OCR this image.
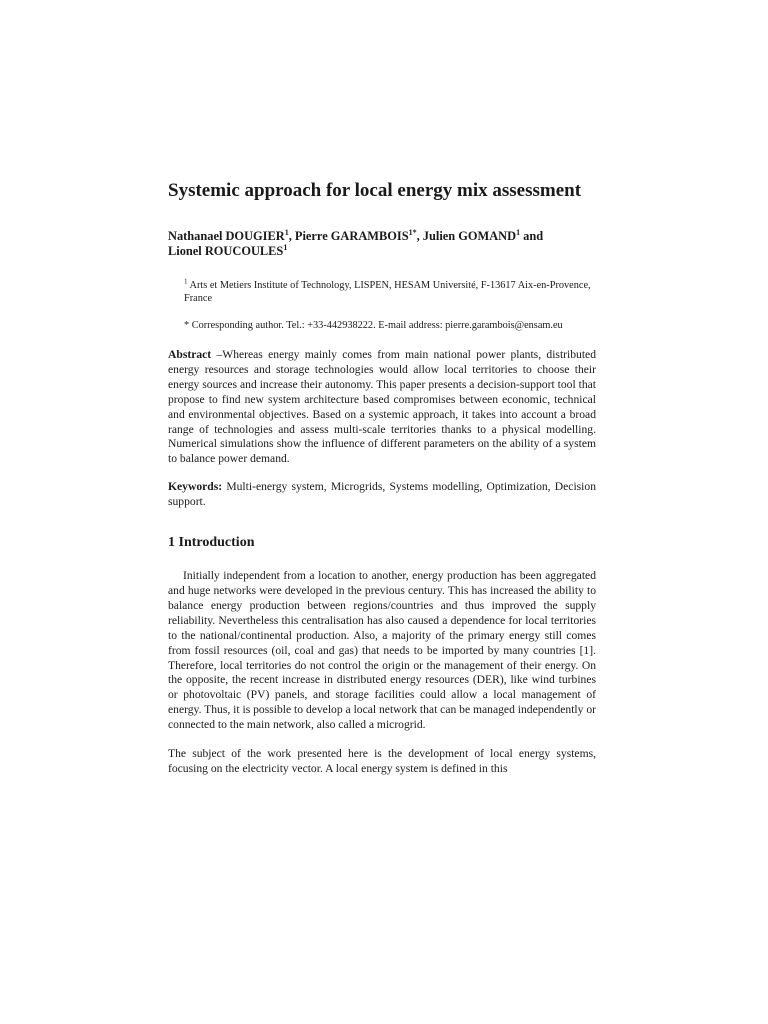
Systemic approach for local energy mix assessment
Nathanael DOUGIER$^1$, Pierre $GARAMBOIS^{1*}$, Julien GOMAND$^1$ and
Lionel ROUCOULES$^1$
$^1$ Arts et Metiers Institute of Technology, LISPEN, HESAM Université, F-13617 Aix-en-Provence, France
* Corresponding author. Tel.: +33-442938222. E-mail address: pierre.garambois@ensam.eu

Abstract –Whereas energy mainly comes from main national power plants, distributed energy resources and storage technologies would allow local territories to choose their energy sources and increase their autonomy. This paper presents a decision-support tool that propose to find new system architecture based compromises between economic, technical and environmental objectives. Based on a systemic approach, it takes into account a broad range of technologies and assess multi-scale territories thanks to a physical modelling. Numerical simulations show the influence of different parameters on the ability of a system to balance power demand.

Keywords: Multi-energy system, Microgrids, Systems modelling, Optimization, Decision support.

1 Introduction

Initially independent from a location to another, energy production has been aggregated and huge networks were developed in the previous century. This has increased the ability to balance energy production between regions/countries and thus improved the supply reliability. Nevertheless this centralisation has also caused a dependence for local territories to the national/continental production. Also, a majority of the primary energy still comes from fossil resources (oil, coal and gas) that needs to be imported by many countries [1]. Therefore, local territories do not control the origin or the management of their energy. On the opposite, the recent increase in distributed energy resources (DER), like wind turbines or photovoltaic (PV) panels, and storage facilities could allow a local management of energy. Thus, it is possible to develop a local network that can be managed independently or connected to the main network, also called a microgrid.

The subject of the work presented here is the development of local energy systems, focusing on the electricity vector. A local energy system is defined in this
